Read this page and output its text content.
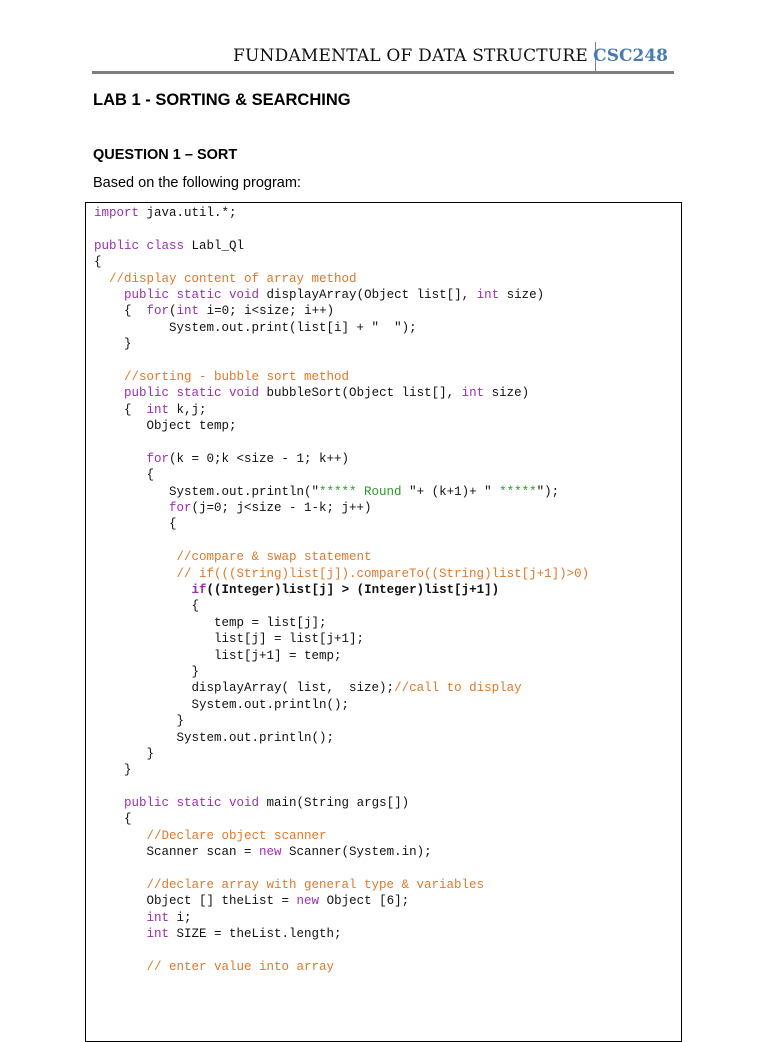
FUNDAMENTAL OF DATA STRUCTURE CSC248
LAB 1 - SORTING & SEARCHING
QUESTION 1 – SORT
Based on the following program:
import java.util.*;

public class Labl_Ql
{
//display content of array method
public static void displayArray(Object list[], int size)
{  for(int i=0; i<size; i++)
System.out.print(list[i] + " ");
}

//sorting - bubble sort method
public static void bubbleSort(Object list[], int size)
{  int k,j;
Object temp;

for(k = 0;k <size - 1; k++)
{
System.out.println("***** Round "+ (k+1)+ " *****");
for(j=0; j<size - 1-k; j++)
{

//compare & swap statement
// if(((String)list[j]).compareTo((String)list[j+1])>0)
if((Integer)list[j] > (Integer)list[j+1])
{
temp = list[j];
list[j] = list[j+1];
list[j+1] = temp;
}
displayArray( list,  size);//call to display
System.out.println();
}
System.out.println();
}
}

public static void main(String args[])
{
//Declare object scanner
Scanner scan = new Scanner(System.in);

//declare array with general type & variables
Object [] theList = new Object [6];
int i;
int SIZE = theList.length;

// enter value into array
